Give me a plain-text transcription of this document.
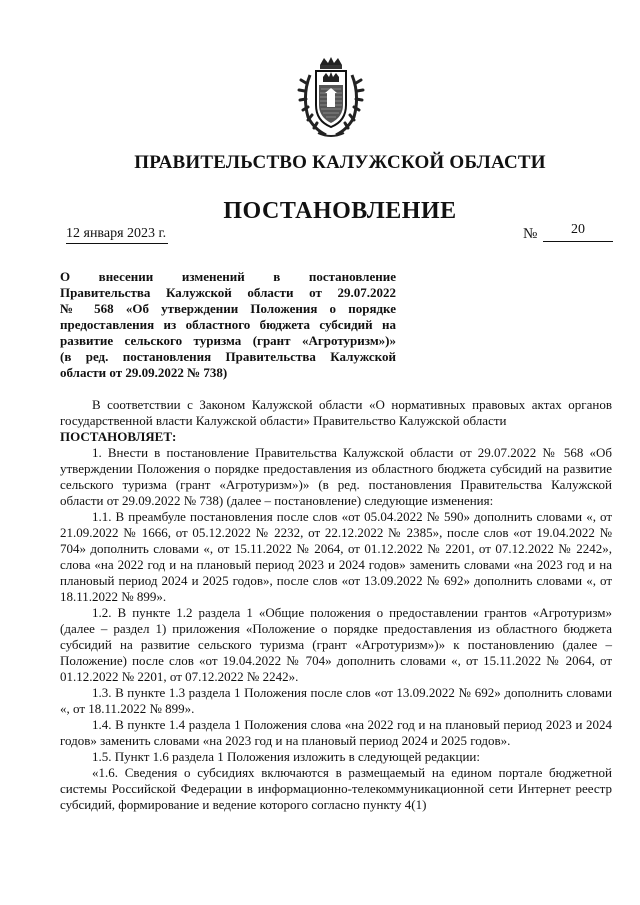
ПРАВИТЕЛЬСТВО КАЛУЖСКОЙ ОБЛАСТИ
ПОСТАНОВЛЕНИЕ
12 января 2023 г.	№	20
О внесении изменений в постановление
Правительства Калужской области от 29.07.2022
№ 568 «Об утверждении Положения о порядке
предоставления из областного бюджета субсидий на
развитие сельского туризма (грант «Агротуризм»)»
(в ред. постановления Правительства Калужской
области от 29.09.2022 № 738)

В соответствии с Законом Калужской области «О нормативных правовых актах органов государственной власти Калужской области» Правительство Калужской области

ПОСТАНОВЛЯЕТ:

1. Внести в постановление Правительства Калужской области от 29.07.2022 № 568 «Об утверждении Положения о порядке предоставления из областного бюджета субсидий на развитие сельского туризма (грант «Агротуризм»)» (в ред. постановления Правительства Калужской области от 29.09.2022 № 738) (далее – постановление) следующие изменения:

1.1. В преамбуле постановления после слов «от 05.04.2022 № 590» дополнить словами «, от 21.09.2022 № 1666, от 05.12.2022 № 2232, от 22.12.2022 № 2385», после слов «от 19.04.2022 № 704» дополнить словами «, от 15.11.2022 № 2064, от 01.12.2022 № 2201, от 07.12.2022 № 2242», слова «на 2022 год и на плановый период 2023 и 2024 годов» заменить словами «на 2023 год и на плановый период 2024 и 2025 годов», после слов «от 13.09.2022 № 692» дополнить словами «, от 18.11.2022 № 899».

1.2. В пункте 1.2 раздела 1 «Общие положения о предоставлении грантов «Агротуризм» (далее – раздел 1) приложения «Положение о порядке предоставления из областного бюджета субсидий на развитие сельского туризма (грант «Агротуризм»)» к постановлению (далее – Положение) после слов «от 19.04.2022 № 704» дополнить словами «, от 15.11.2022 № 2064, от 01.12.2022 № 2201, от 07.12.2022 № 2242».

1.3. В пункте 1.3 раздела 1 Положения после слов «от 13.09.2022 № 692» дополнить словами «, от 18.11.2022 № 899».

1.4. В пункте 1.4 раздела 1 Положения слова «на 2022 год и на плановый период 2023 и 2024 годов» заменить словами «на 2023 год и на плановый период 2024 и 2025 годов».

1.5. Пункт 1.6 раздела 1 Положения изложить в следующей редакции:

«1.6. Сведения о субсидиях включаются в размещаемый на едином портале бюджетной системы Российской Федерации в информационно-телекоммуникационной сети Интернет реестр субсидий, формирование и ведение которого согласно пункту 4(1)
